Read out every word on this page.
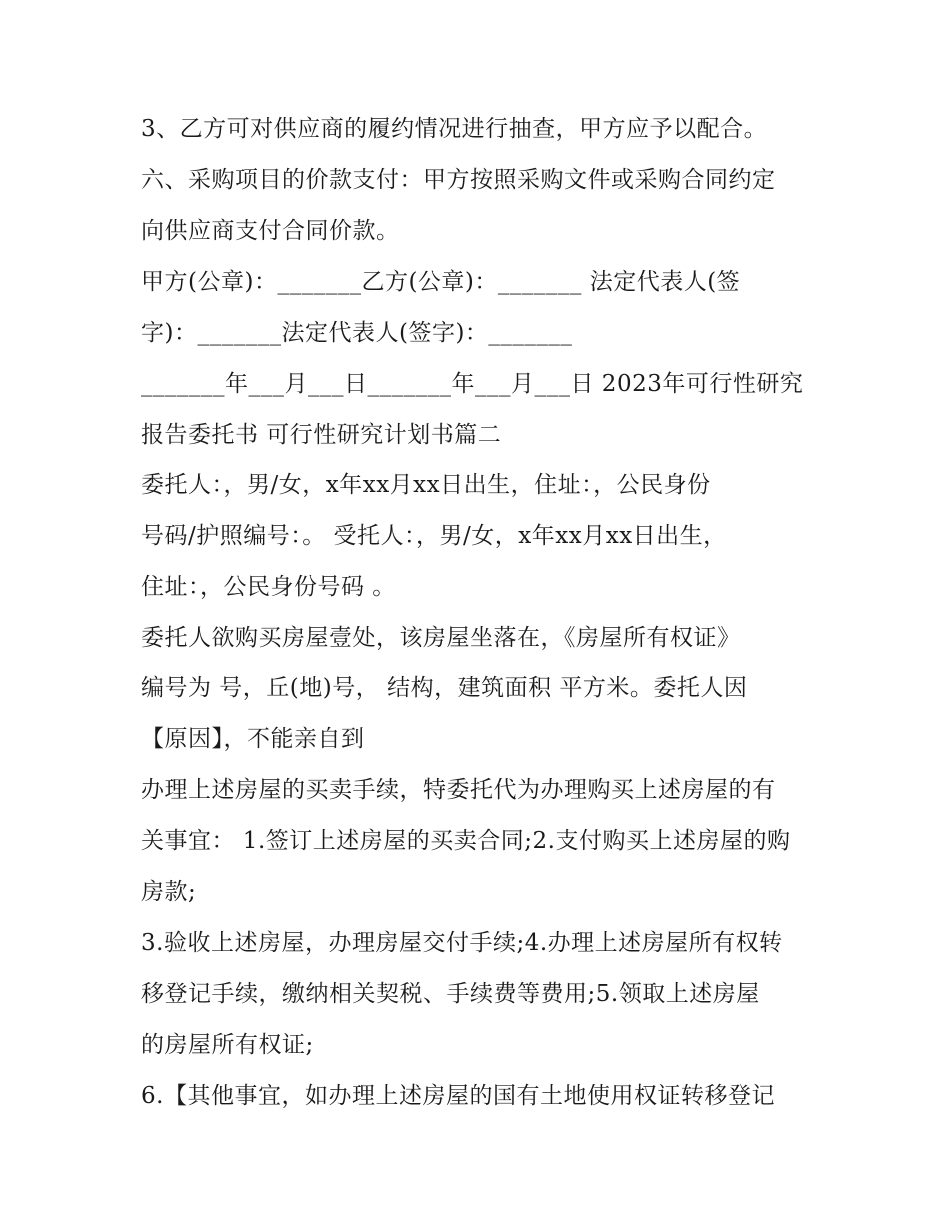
3、乙方可对供应商的履约情况进行抽查，甲方应予以配合。
六、采购项目的价款支付：甲方按照采购文件或采购合同约定
向供应商支付合同价款。
甲方(公章)：_______乙方(公章)：_______ 法定代表人(签
字)：_______法定代表人(签字)：_______
_______年___月___日_______年___月___日 2023年可行性研究
报告委托书 可行性研究计划书篇二
委托人：，男/女，x年xx月xx日出生，住址：，公民身份
号码/护照编号：。 受托人：，男/女，x年xx月xx日出生，
住址：，公民身份号码 。
委托人欲购买房屋壹处，该房屋坐落在，《房屋所有权证》
编号为 号，丘(地)号， 结构，建筑面积 平方米。委托人因
【原因】，不能亲自到
办理上述房屋的买卖手续，特委托代为办理购买上述房屋的有
关事宜： 1.签订上述房屋的买卖合同;2.支付购买上述房屋的购
房款;
3.验收上述房屋，办理房屋交付手续;4.办理上述房屋所有权转
移登记手续，缴纳相关契税、手续费等费用;5.领取上述房屋
的房屋所有权证;
6.【其他事宜，如办理上述房屋的国有土地使用权证转移登记
